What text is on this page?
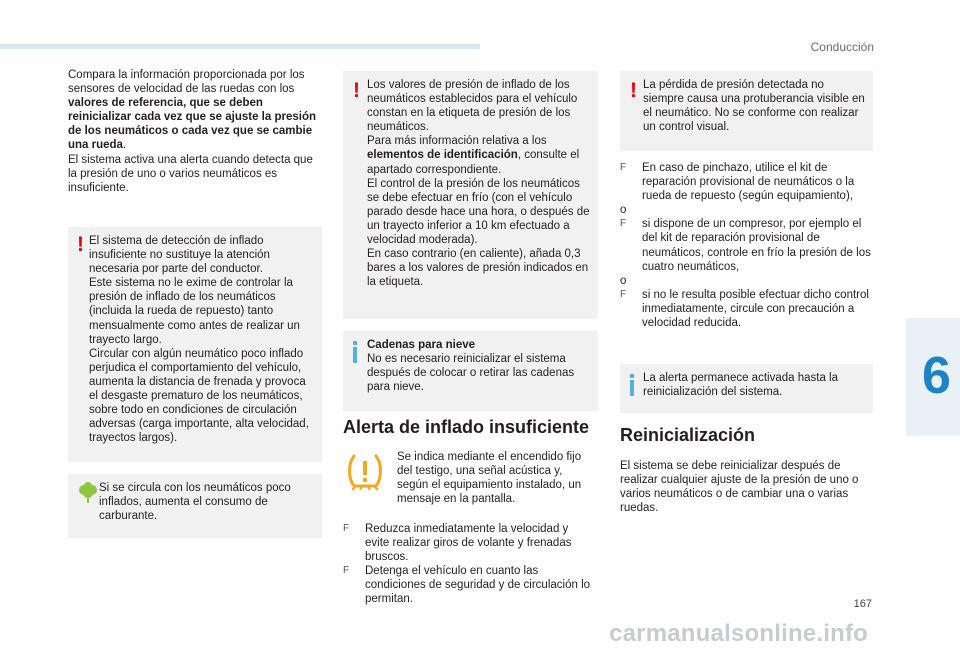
Conducción
6

Compara la información proporcionada por los sensores de velocidad de las ruedas con los valores de referencia, que se deben reinicializar cada vez que se ajuste la presión de los neumáticos o cada vez que se cambie una rueda.

El sistema activa una alerta cuando detecta que la presión de uno o varios neumáticos es insuficiente.

! El sistema de detección de inflado insuficiente no sustituye la atención necesaria por parte del conductor.

Este sistema no le exime de controlar la presión de inflado de los neumáticos (incluida la rueda de repuesto) tanto mensualmente como antes de realizar un trayecto largo.

Circular con algún neumático poco inflado perjudica el comportamiento del vehículo, aumenta la distancia de frenada y provoca el desgaste prematuro de los neumáticos, sobre todo en condiciones de circulación adversas (carga importante, alta velocidad, trayectos largos).

Si se circula con los neumáticos poco inflados, aumenta el consumo de carburante.
! Los valores de presión de inflado de los neumáticos establecidos para el vehículo constan en la etiqueta de presión de los neumáticos.

Para más información relativa a los elementos de identificación, consulte el apartado correspondiente.

El control de la presión de los neumáticos se debe efectuar en frío (con el vehículo parado desde hace una hora, o después de un trayecto inferior a 10 km efectuado a velocidad moderada).

En caso contrario (en caliente), añada 0,3 bares a los valores de presión indicados en la etiqueta.

Cadenas para nieve

No es necesario reinicializar el sistema después de colocar o retirar las cadenas para nieve.

Alerta de inflado insuficiente
Se indica mediante el encendido fijo del testigo, una señal acústica y, según el equipamiento instalado, un mensaje en la pantalla.
F	Reduzca inmediatamente la velocidad y evite realizar giros de volante y frenadas bruscos.
F	Detenga el vehículo en cuanto las condiciones de seguridad y de circulación lo permitan.
! La pérdida de presión detectada no siempre causa una protuberancia visible en el neumático. No se conforme con realizar un control visual.
F	En caso de pinchazo, utilice el kit de reparación provisional de neumáticos o la rueda de repuesto (según equipamiento),

o

F	si dispone de un compresor, por ejemplo el del kit de reparación provisional de neumáticos, controle en frío la presión de los cuatro neumáticos,

o

F	si no le resulta posible efectuar dicho control inmediatamente, circule con precaución a velocidad reducida.
La alerta permanece activada hasta la reinicialización del sistema.
Reinicialización
El sistema se debe reinicializar después de realizar cualquier ajuste de la presión de uno o varios neumáticos o de cambiar una o varias ruedas.
carmanualsonline.info
167
